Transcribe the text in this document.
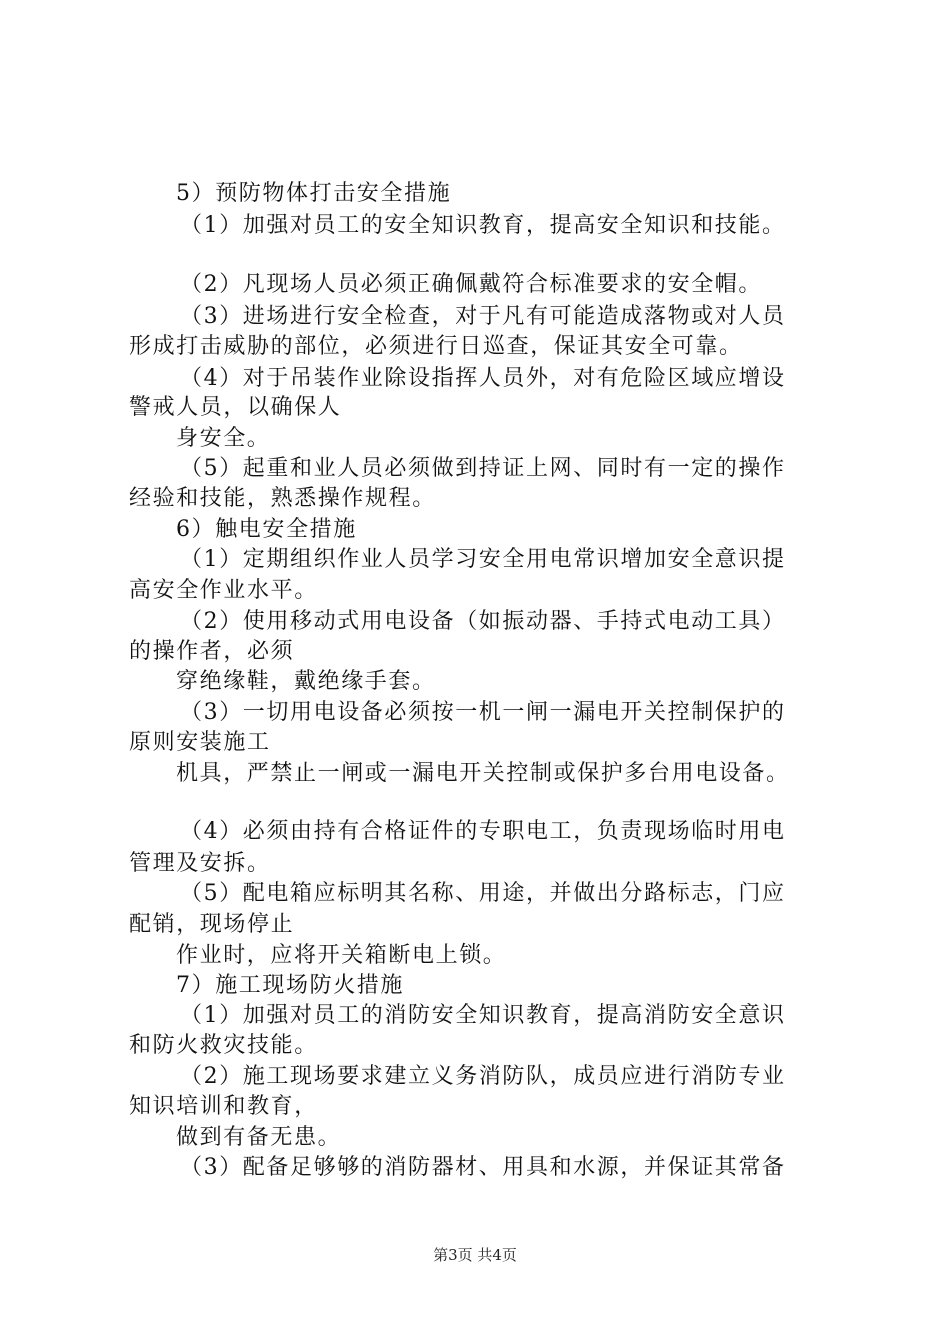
5）预防物体打击安全措施
（1）加强对员工的安全知识教育，提高安全知识和技能。
（2）凡现场人员必须正确佩戴符合标准要求的安全帽。
（3）进场进行安全检查，对于凡有可能造成落物或对人员
形成打击威胁的部位，必须进行日巡查，保证其安全可靠。
（4）对于吊装作业除设指挥人员外，对有危险区域应增设
警戒人员，以确保人
身安全。
（5）起重和业人员必须做到持证上网、同时有一定的操作
经验和技能，熟悉操作规程。
6）触电安全措施
（1）定期组织作业人员学习安全用电常识增加安全意识提
高安全作业水平。
（2）使用移动式用电设备（如振动器、手持式电动工具）
的操作者，必须
穿绝缘鞋，戴绝缘手套。
（3）一切用电设备必须按一机一闸一漏电开关控制保护的
原则安装施工
机具，严禁止一闸或一漏电开关控制或保护多台用电设备。
（4）必须由持有合格证件的专职电工，负责现场临时用电
管理及安拆。
（5）配电箱应标明其名称、用途，并做出分路标志，门应
配销，现场停止
作业时，应将开关箱断电上锁。
7）施工现场防火措施
（1）加强对员工的消防安全知识教育，提高消防安全意识
和防火救灾技能。
（2）施工现场要求建立义务消防队，成员应进行消防专业
知识培训和教育，
做到有备无患。
（3）配备足够够的消防器材、用具和水源，并保证其常备
第3页 共4页
